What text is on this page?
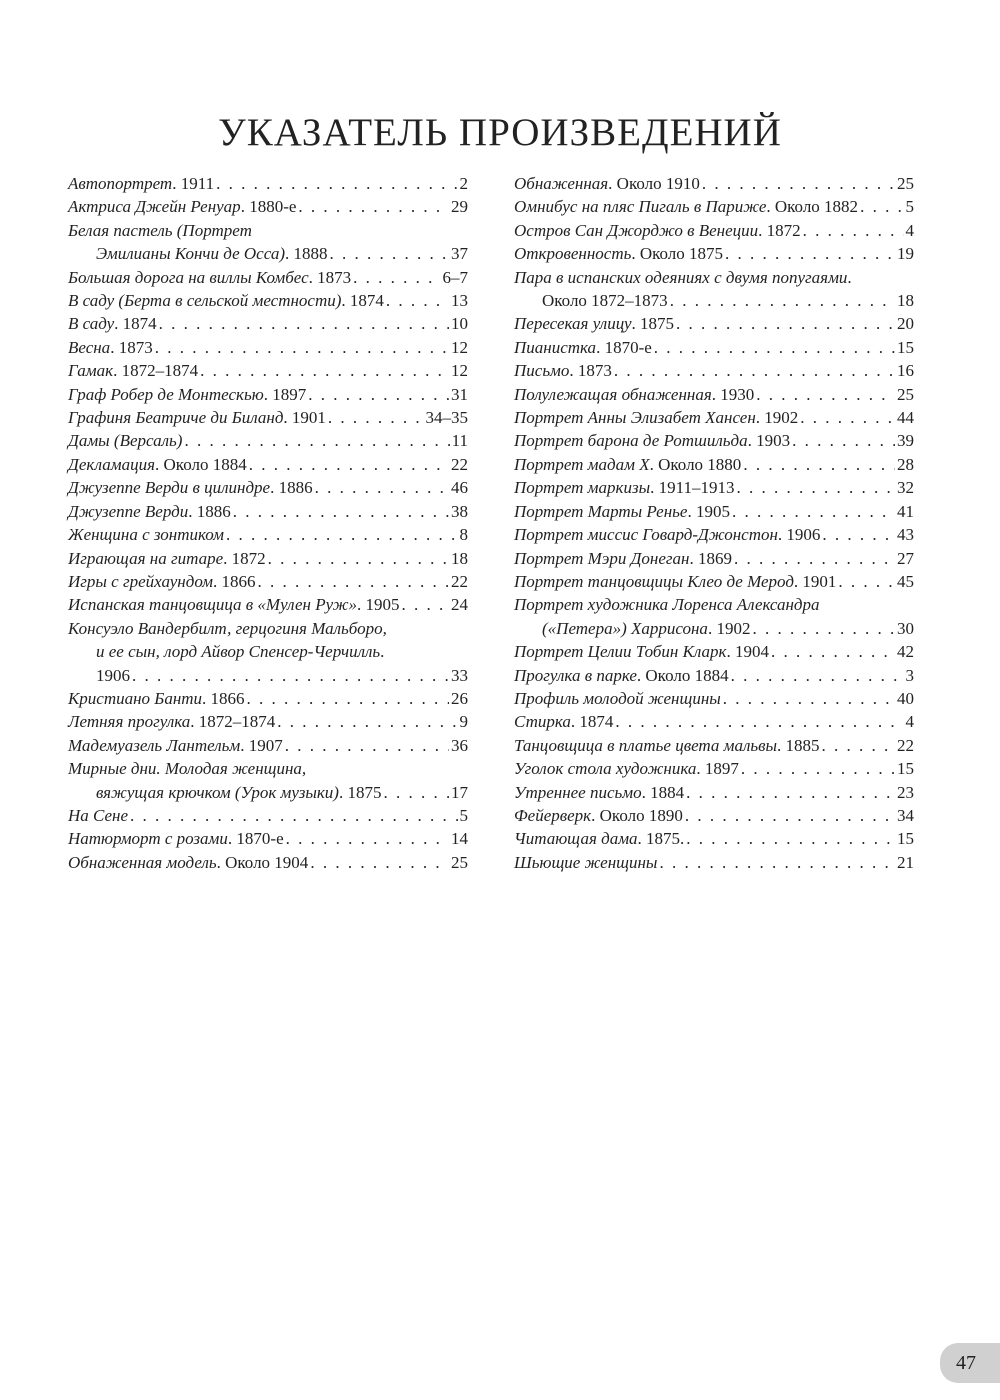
УКАЗАТЕЛЬ ПРОИЗВЕДЕНИЙ
Автопортрет . 1911 . . .	2
Актриса Джейн Ренуар . 1880-е . . .	29
Белая пастель (Портрет
Эмилианы Кончи де Осса) . 1888 . . .	37
Большая дорога на виллы Комбес . 1873 . . .	6–7
В саду (Берта в сельской местности) . 1874 . . .	13
В саду . 1874 . . .	10
Весна . 1873 . . .	12
Гамак . 1872–1874 . . .	12
Граф Робер де Монтескью . 1897 . . .	31
Графиня Беатриче ди Биланд . 1901 . . .	34–35
Дамы (Версаль) . . .	11
Декламация . Около 1884 . . .	22
Джузеппе Верди в цилиндре . 1886 . . .	46
Джузеппе Верди . 1886 . . .	38
Женщина с зонтиком . . .	8
Играющая на гитаре . 1872 . . .	18
Игры с грейхаундом . 1866 . . .	22
Испанская танцовщица в «Мулен Руж» . 1905 . . .	24
Консуэло Вандербилт, герцогиня Мальборо,
и ее сын, лорд Айвор Спенсер-Черчилль .
1906 . . .	33
Кристиано Банти . 1866 . . .	26
Летняя прогулка . 1872–1874 . . .	9
Мадемуазель Лантельм . 1907 . . .	36
Мирные дни. Молодая женщина,
вяжущая крючком (Урок музыки) . 1875 . . .	17
На Сене . . .	5
Натюрморт с розами . 1870-е . . .	14
Обнаженная модель . Около 1904 . . .	25
Обнаженная . Около 1910 . . .	25
Омнибус на пляс Пигаль в Париже . Около 1882 . . .	5
Остров Сан Джорджо в Венеции . 1872 . . .	4
Откровенность . Около 1875 . . .	19
Пара в испанских одеяниях с двумя попугаями .
Около 1872–1873 . . .	18
Пересекая улицу . 1875 . . .	20
Пианистка . 1870-е . . .	15
Письмо . 1873 . . .	16
Полулежащая обнаженная . 1930 . . .	25
Портрет Анны Элизабет Хансен . 1902 . . .	44
Портрет барона де Ротшильда . 1903 . . .	39
Портрет мадам Х . Около 1880 . . .	28
Портрет маркизы . 1911–1913 . . .	32
Портрет Марты Ренье . 1905 . . .	41
Портрет миссис Говард-Джонстон . 1906 . . .	43
Портрет Мэри Донеган . 1869 . . .	27
Портрет танцовщицы Клео де Мерод . 1901 . . .	45
Портрет художника Лоренса Александра
(«Петера») Харрисона . 1902 . . .	30
Портрет Целии Тобин Кларк . 1904 . . .	42
Прогулка в парке . Около 1884 . . .	3
Профиль молодой женщины . . .	40
Стирка . 1874 . . .	4
Танцовщица в платье цвета мальвы . 1885 . . .	22
Уголок стола художника . 1897 . . .	15
Утреннее письмо . 1884 . . .	23
Фейерверк . Около 1890 . . .	34
Читающая дама . 1875. . . .	15
Шьющие женщины . . .	21
47
